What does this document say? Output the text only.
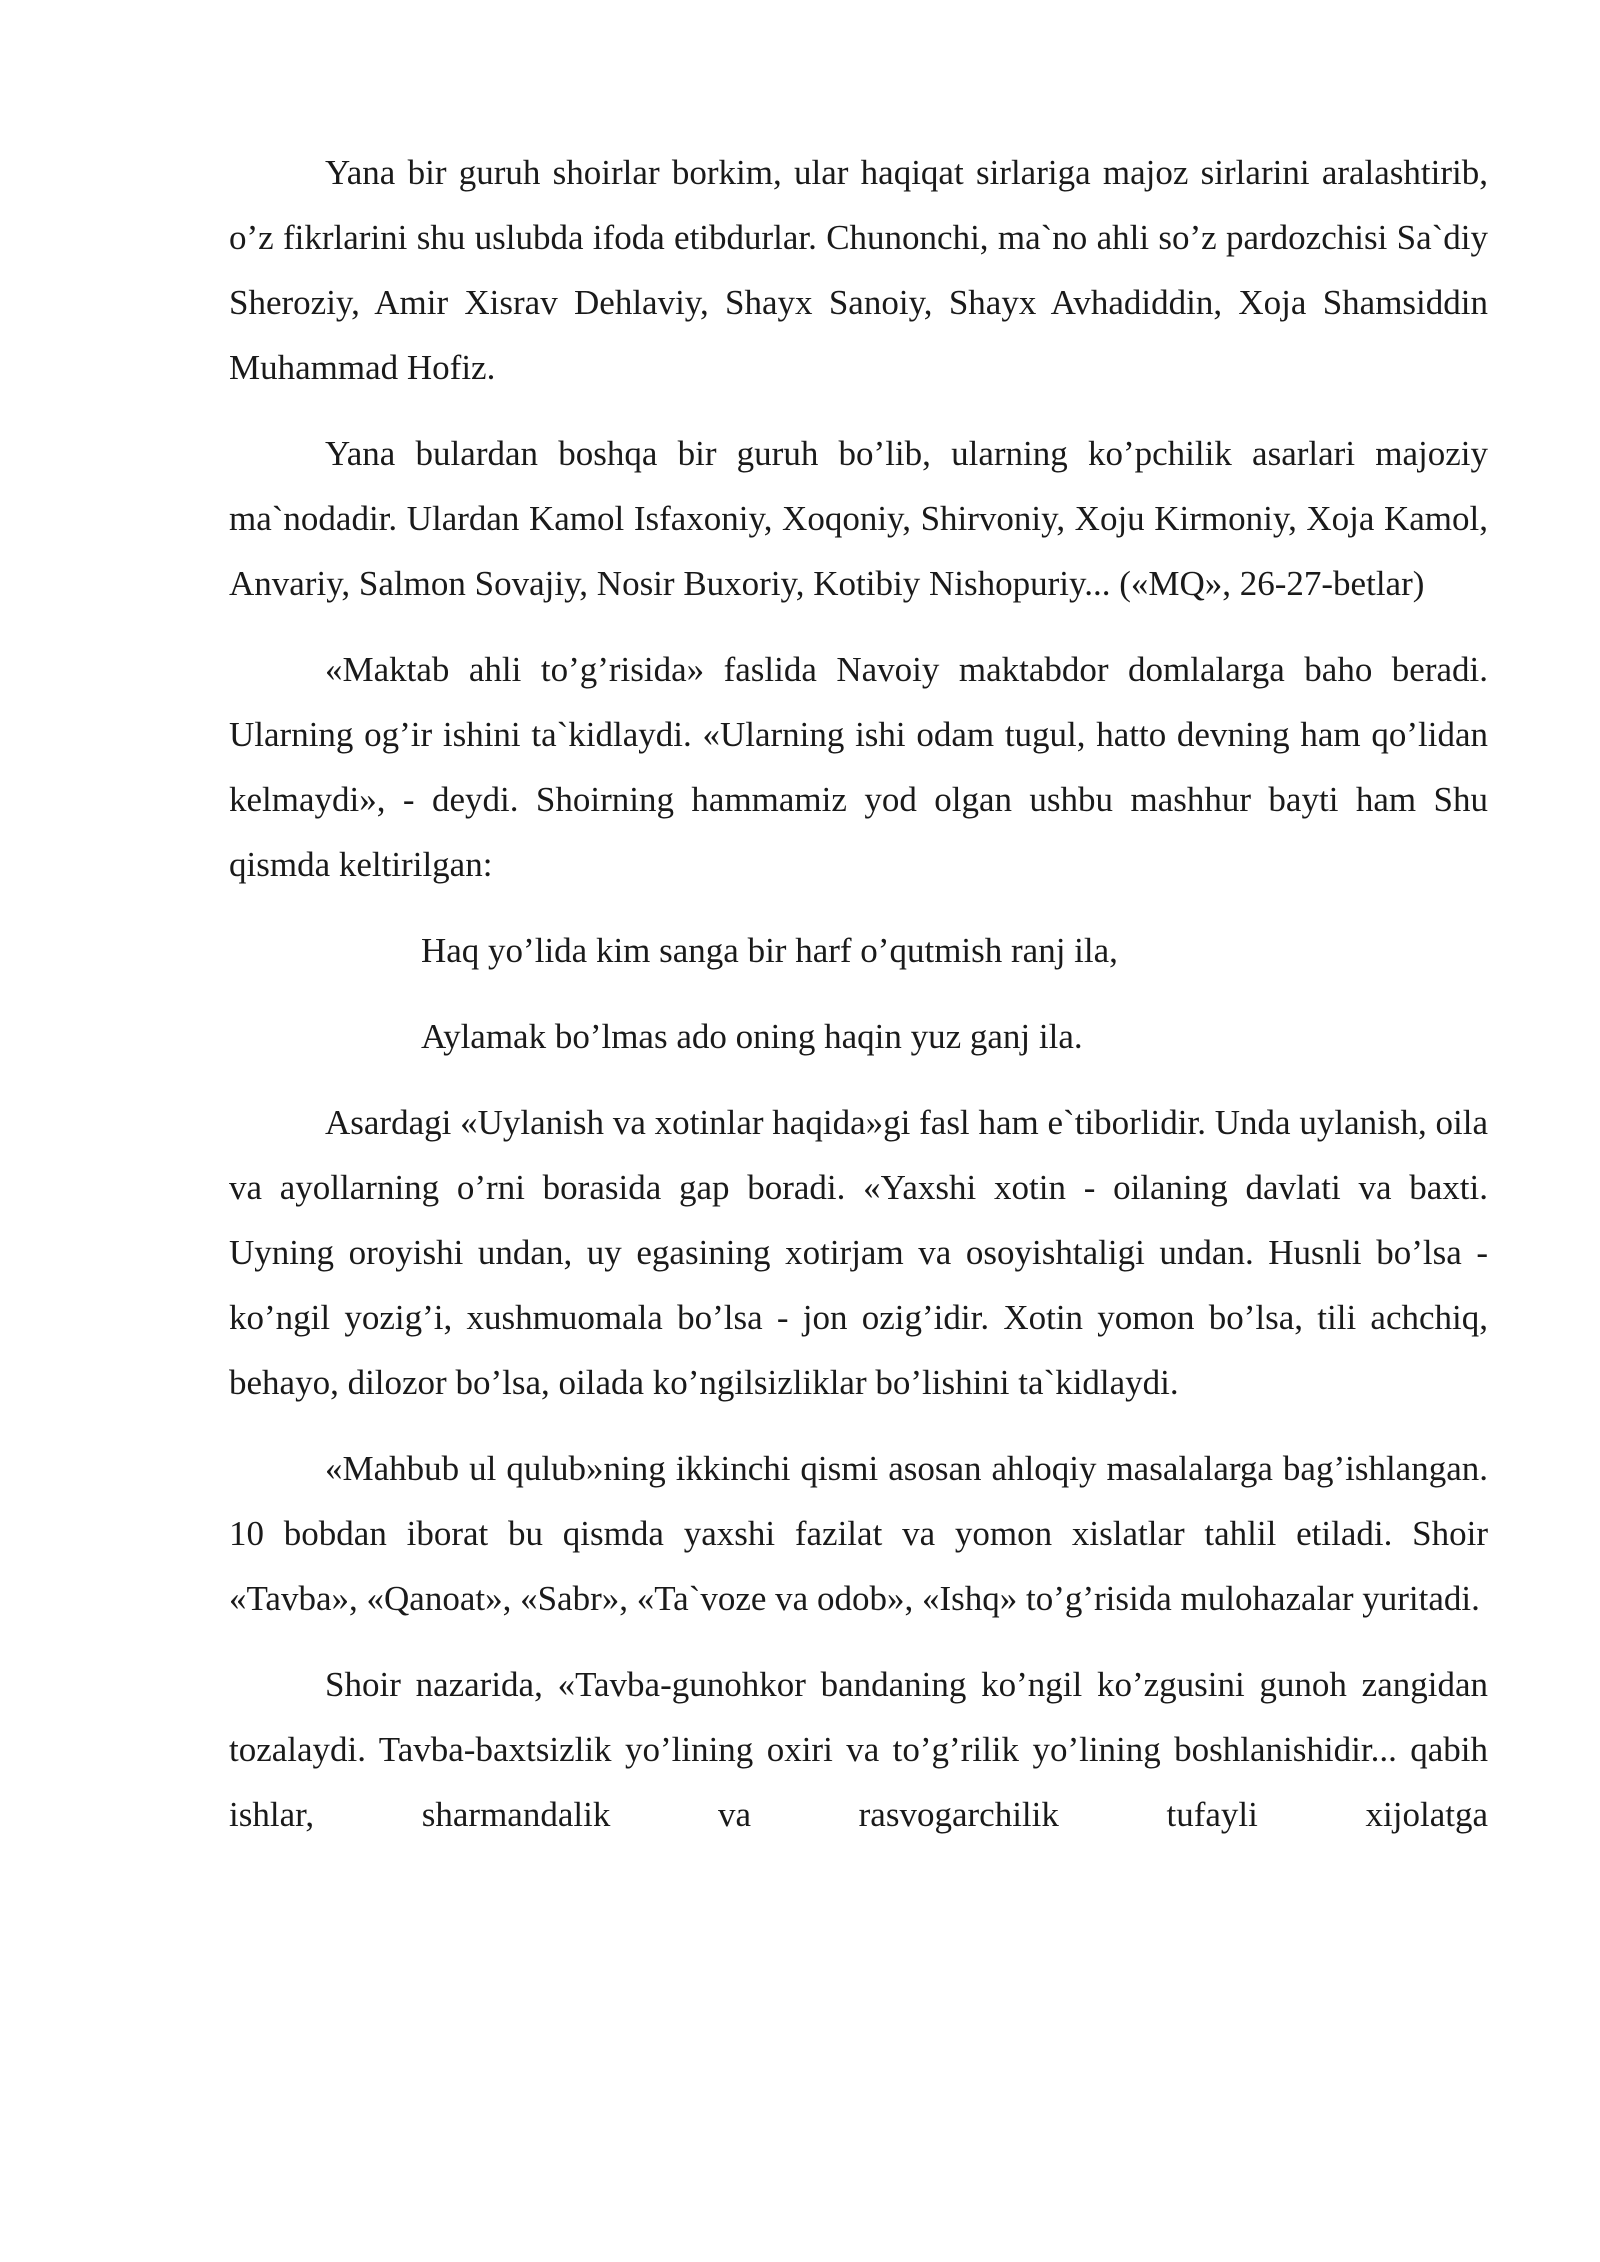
Yana bir guruh shoirlar borkim, ular haqiqat sirlariga majoz sirlarini aralashtirib, o’z fikrlarini shu uslubda ifoda etibdurlar. Chunonchi, ma`no ahli so’z pardozchisi Sa`diy Sheroziy, Amir Xisrav Dehlaviy, Shayx Sanoiy, Shayx Avhadiddin, Xoja Shamsiddin Muhammad Hofiz.

Yana bulardan boshqa bir guruh bo’lib, ularning ko’pchilik asarlari majoziy ma`nodadir. Ulardan Kamol Isfaxoniy, Xoqoniy, Shirvoniy, Xoju Kirmoniy, Xoja Kamol, Anvariy, Salmon Sovajiy, Nosir Buxoriy, Kotibiy Nishopuriy... («MQ», 26-27-betlar)

«Maktab ahli to’g’risida» faslida Navoiy maktabdor domlalarga baho beradi. Ularning og’ir ishini ta`kidlaydi. «Ularning ishi odam tugul, hatto devning ham qo’lidan kelmaydi», - deydi. Shoirning hammamiz yod olgan ushbu mashhur bayti ham Shu qismda keltirilgan:

Haq yo’lida kim sanga bir harf o’qutmish ranj ila,
Aylamak bo’lmas ado oning haqin yuz ganj ila.

Asardagi «Uylanish va xotinlar haqida»gi fasl ham e`tiborlidir. Unda uylanish, oila va ayollarning o’rni borasida gap boradi. «Yaxshi xotin - oilaning davlati va baxti. Uyning oroyishi undan, uy egasining xotirjam va osoyishtaligi undan. Husnli bo’lsa - ko’ngil yozig’i, xushmuomala bo’lsa - jon ozig’idir. Xotin yomon bo’lsa, tili achchiq, behayo, dilozor bo’lsa, oilada ko’ngilsizliklar bo’lishini ta`kidlaydi.

«Mahbub ul qulub»ning ikkinchi qismi asosan ahloqiy masalalarga bag’ishlangan. 10 bobdan iborat bu qismda yaxshi fazilat va yomon xislatlar tahlil etiladi. Shoir «Tavba», «Qanoat», «Sabr», «Ta`voze va odob», «Ishq» to’g’risida mulohazalar yuritadi.

Shoir nazarida, «Tavba-gunohkor bandaning ko’ngil ko’zgusini gunoh zangidan tozalaydi. Tavba-baxtsizlik yo’lining oxiri va to’g’rilik yo’lining boshlanishidir... qabih ishlar, sharmandalik va rasvogarchilik tufayli xijolatga
